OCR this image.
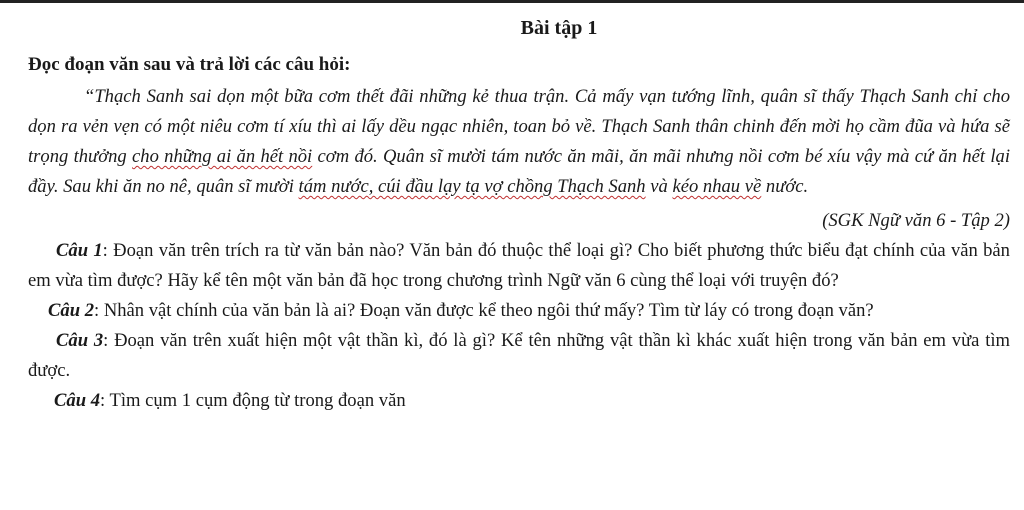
Bài tập 1
Đọc đoạn văn sau và trả lời các câu hỏi:

“Thạch Sanh sai dọn một bữa cơm thết đãi những kẻ thua trận. Cả mấy vạn tướng lĩnh, quân sĩ thấy Thạch Sanh chỉ cho dọn ra vẻn vẹn có một niêu cơm tí xíu thì ai lấy dều ngạc nhiên, toan bỏ về. Thạch Sanh thân chinh đến mời họ cầm đũa và hứa sẽ trọng thưởng cho những ai ăn hết nồi cơm đó. Quân sĩ mười tám nước ăn mãi, ăn mãi nhưng nồi cơm bé xíu vậy mà cứ ăn hết lại đầy. Sau khi ăn no nê, quân sĩ mười tám nước, cúi đầu lạy tạ vợ chồng Thạch Sanh và kéo nhau về nước.

(SGK Ngữ văn 6 - Tập 2)

Câu 1: Đoạn văn trên trích ra từ văn bản nào? Văn bản đó thuộc thể loại gì? Cho biết phương thức biểu đạt chính của văn bản em vừa tìm được? Hãy kể tên một văn bản đã học trong chương trình Ngữ văn 6 cùng thể loại với truyện đó?

Câu 2: Nhân vật chính của văn bản là ai? Đoạn văn được kể theo ngôi thứ mấy? Tìm từ láy có trong đoạn văn?

Câu 3: Đoạn văn trên xuất hiện một vật thần kì, đó là gì? Kể tên những vật thần kì khác xuất hiện trong văn bản em vừa tìm được.

Câu 4: Tìm cụm 1 cụm động từ trong đoạn văn
